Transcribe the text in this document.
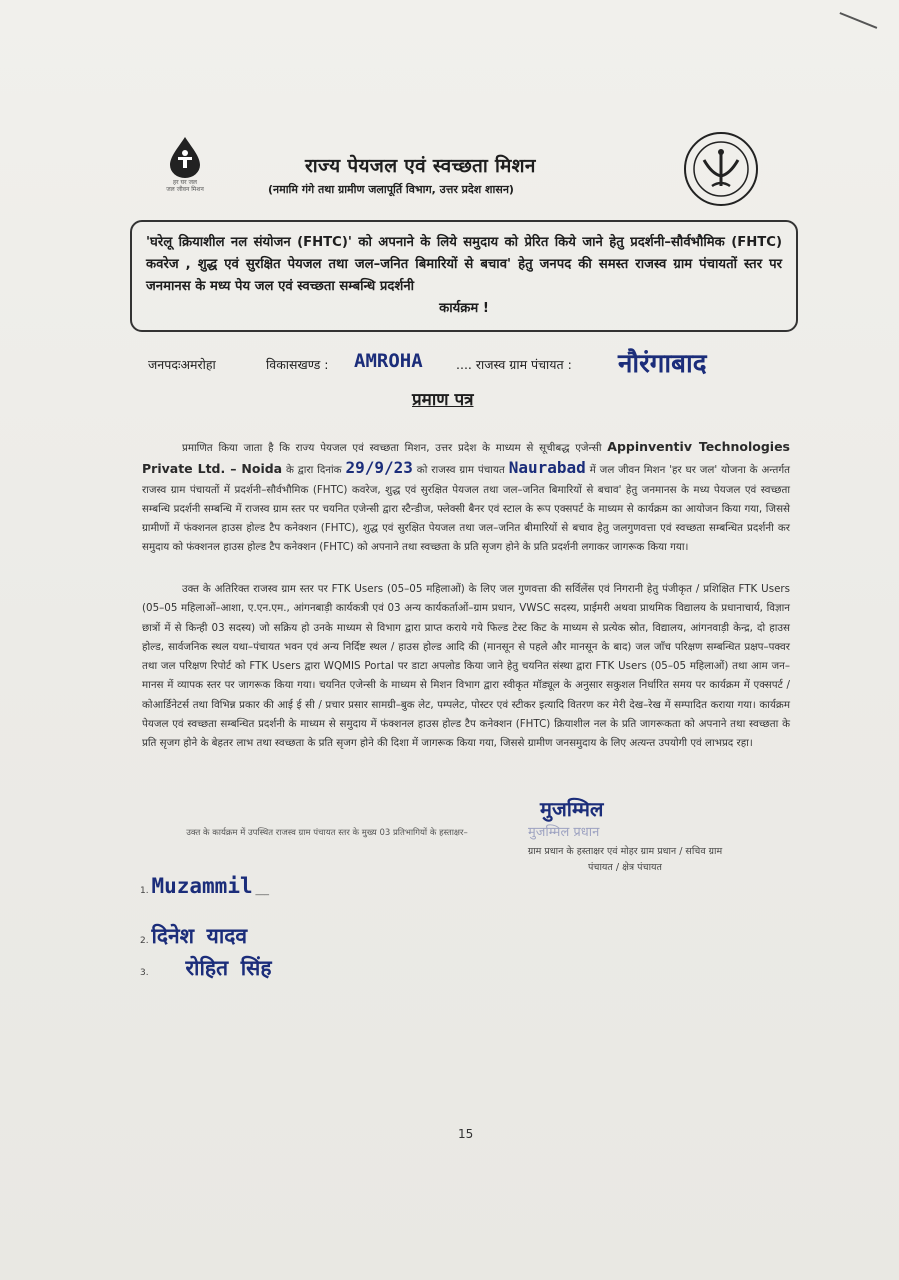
हर घर जल
जल जीवन मिशन
राज्य पेयजल एवं स्वच्छता मिशन
(नमामि गंगे तथा ग्रामीण जलापूर्ति विभाग, उत्तर प्रदेश शासन)
'घरेलू क्रियाशील नल संयोजन (FHTC)' को अपनाने के लिये समुदाय को प्रेरित किये जाने हेतु प्रदर्शनी–सौर्वभौमिक (FHTC) कवरेज , शुद्ध एवं सुरक्षित पेयजल तथा जल–जनित बिमारियों से बचाव' हेतु जनपद की समस्त राजस्व ग्राम पंचायतों स्तर पर जनमानस के मध्य पेय जल एवं स्वच्छता सम्बन्धि प्रदर्शनी
कार्यक्रम !
जनपदःअमरोहा	विकासखण्ड : AMROHA	.... राजस्व ग्राम पंचायत : नौरंगाबाद
प्रमाण पत्र
प्रमाणित किया जाता है कि राज्य पेयजल एवं स्वच्छता मिशन, उत्तर प्रदेश के माध्यम से सूचीबद्ध एजेन्सी Appinventiv Technologies Private Ltd. – Noida के द्वारा दिनांक 29/9/23 को राजस्व ग्राम पंचायत Naurabad में जल जीवन मिशन 'हर घर जल' योजना के अन्तर्गत राजस्व ग्राम पंचायतों में प्रदर्शनी–सौर्वभौमिक (FHTC) कवरेज, शुद्ध एवं सुरक्षित पेयजल तथा जल–जनित बिमारियों से बचाव' हेतु जनमानस के मध्य पेयजल एवं स्वच्छता सम्बन्धि प्रदर्शनी सम्बन्धि में राजस्व ग्राम स्तर पर चयनित एजेन्सी द्वारा स्टैन्डीज, फ्लेक्सी बैनर एवं स्टाल के रूप एक्सपर्ट के माध्यम से कार्यक्रम का आयोजन किया गया, जिससे ग्रामीणों में फंक्शनल हाउस होल्ड टैप कनेक्शन (FHTC), शुद्ध एवं सुरक्षित पेयजल तथा जल–जनित बीमारियों से बचाव हेतु जलगुणवत्ता एवं स्वच्छता सम्बन्धित प्रदर्शनी कर समुदाय को फंक्शनल हाउस होल्ड टैप कनेक्शन (FHTC) को अपनाने तथा स्वच्छता के प्रति सृजग होने के प्रति प्रदर्शनी लगाकर जागरूक किया गया।
उक्त के अतिरिक्त राजस्व ग्राम स्तर पर FTK Users (05–05 महिलाओं) के लिए जल गुणवत्ता की सर्विलेंस एवं निगरानी हेतु पंजीकृत / प्रशिक्षित FTK Users (05–05 महिलाओं–आशा, ए.एन.एम., आंगनबाड़ी कार्यकत्री एवं 03 अन्य कार्यकर्ताओं–ग्राम प्रधान, VWSC सदस्य, प्राईमरी अथवा प्राथमिक विद्यालय के प्रधानाचार्य, विज्ञान छात्रों में से किन्ही 03 सदस्य) जो सक्रिय हो उनके माध्यम से विभाग द्वारा प्राप्त कराये गये फिल्ड टेस्ट किट के माध्यम से प्रत्येक स्रोत, विद्यालय, आंगनवाड़ी केन्द्र, दो हाउस होल्ड, सार्वजनिक स्थल यथा–पंचायत भवन एवं अन्य निर्दिष्ट स्थल / हाउस होल्ड आदि की (मानसून से पहले और मानसून के बाद) जल जाँच परिक्षण सम्बन्धित प्रक्षप–पक्वर तथा जल परिक्षण रिपोर्ट को FTK Users द्वारा WQMIS Portal पर डाटा अपलोड किया जाने हेतु चयनित संस्था द्वारा FTK Users (05–05 महिलाओं) तथा आम जन–मानस में व्यापक स्तर पर जागरूक किया गया। चयनित एजेन्सी के माध्यम से मिशन विभाग द्वारा स्वीकृत मॉड्यूल के अनुसार सकुशल निर्धारित समय पर कार्यक्रम में एक्सपर्ट / कोआर्डिनेटर्स तथा विभिन्न प्रकार की आई ई सी / प्रचार प्रसार सामग्री–बुक लेट, पम्पलेट, पोस्टर एवं स्टीकर इत्यादि वितरण कर मेरी देख–रेख में सम्पादित कराया गया। कार्यक्रम पेयजल एवं स्वच्छता सम्बन्धित प्रदर्शनी के माध्यम से समुदाय में फंक्शनल हाउस होल्ड टैप कनेक्शन (FHTC) क्रियाशील नल के प्रति जागरूकता को अपनाने तथा स्वच्छता के प्रति सृजग होने के बेहतर लाभ तथा स्वच्छता के प्रति सृजग होने की दिशा में जागरूक किया गया, जिससे ग्रामीण जनसमुदाय के लिए अत्यन्त उपयोगी एवं लाभप्रद रहा।
उक्त के कार्यक्रम में उपस्थित राजस्व ग्राम पंचायत स्तर के मुख्य 03 प्रतिभागियों के हस्ताक्षर–
1. Muzammil ___
2. दिनेश यादव
3. रोहित सिंह
मुजम्मिल
मुजम्मिल प्रधान
ग्राम प्रधान के हस्ताक्षर एवं मोहर ग्राम प्रधान / सचिव ग्राम पंचायत / क्षेत्र पंचायत
15
